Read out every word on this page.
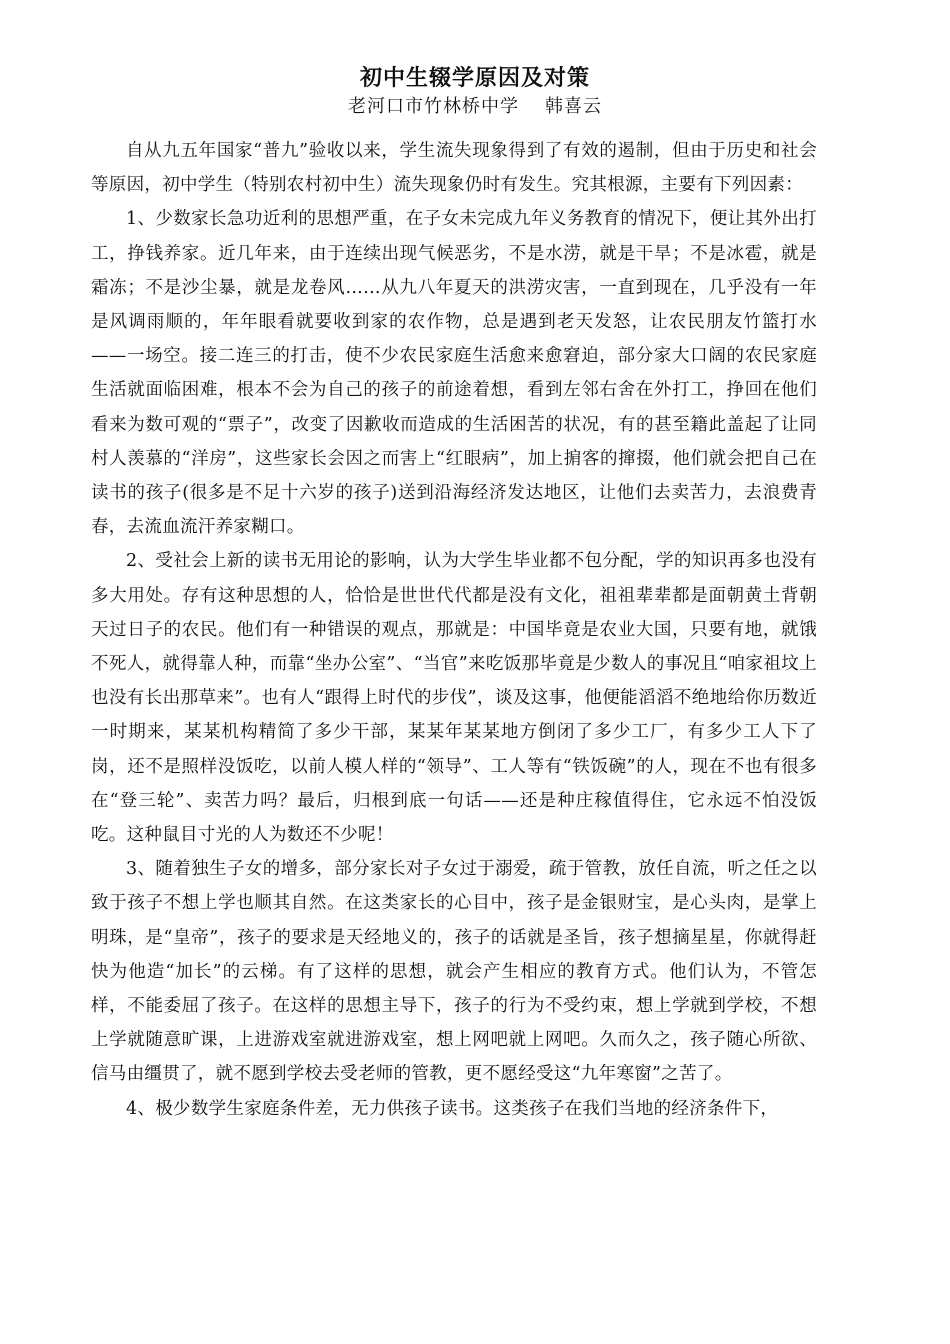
初中生辍学原因及对策
老河口市竹林桥中学 韩喜云

自从九五年国家“普九”验收以来，学生流失现象得到了有效的遏制，但由于历史和社会等原因，初中学生（特别农村初中生）流失现象仍时有发生。究其根源，主要有下列因素：

1、少数家长急功近利的思想严重，在子女未完成九年义务教育的情况下，便让其外出打工，挣钱养家。近几年来，由于连续出现气候恶劣，不是水涝，就是干旱；不是冰雹，就是霜冻；不是沙尘暴，就是龙卷风……从九八年夏天的洪涝灾害，一直到现在，几乎没有一年是风调雨顺的，年年眼看就要收到家的农作物，总是遇到老天发怒，让农民朋友竹篮打水——一场空。接二连三的打击，使不少农民家庭生活愈来愈窘迫，部分家大口阔的农民家庭生活就面临困难，根本不会为自己的孩子的前途着想，看到左邻右舍在外打工，挣回在他们看来为数可观的“票子”，改变了因歉收而造成的生活困苦的状况，有的甚至籍此盖起了让同村人羡慕的“洋房”，这些家长会因之而害上“红眼病”，加上掮客的撺掇，他们就会把自己在读书的孩子(很多是不足十六岁的孩子)送到沿海经济发达地区，让他们去卖苦力，去浪费青春，去流血流汗养家糊口。

2、受社会上新的读书无用论的影响，认为大学生毕业都不包分配，学的知识再多也没有多大用处。存有这种思想的人，恰恰是世世代代都是没有文化，祖祖辈辈都是面朝黄土背朝天过日子的农民。他们有一种错误的观点，那就是：中国毕竟是农业大国，只要有地，就饿不死人，就得靠人种，而靠“坐办公室”、“当官”来吃饭那毕竟是少数人的事况且“咱家祖坟上也没有长出那草来”。也有人“跟得上时代的步伐”，谈及这事，他便能滔滔不绝地给你历数近一时期来，某某机构精简了多少干部，某某年某某地方倒闭了多少工厂，有多少工人下了岗，还不是照样没饭吃，以前人模人样的“领导”、工人等有“铁饭碗”的人，现在不也有很多在“登三轮”、卖苦力吗？最后，归根到底一句话——还是种庄稼值得住，它永远不怕没饭吃。这种鼠目寸光的人为数还不少呢！

3、随着独生子女的增多，部分家长对子女过于溺爱，疏于管教，放任自流，听之任之以致于孩子不想上学也顺其自然。在这类家长的心目中，孩子是金银财宝，是心头肉，是掌上明珠，是“皇帝”，孩子的要求是天经地义的，孩子的话就是圣旨，孩子想摘星星，你就得赶快为他造“加长”的云梯。有了这样的思想，就会产生相应的教育方式。他们认为，不管怎样，不能委屈了孩子。在这样的思想主导下，孩子的行为不受约束，想上学就到学校，不想上学就随意旷课，上进游戏室就进游戏室，想上网吧就上网吧。久而久之，孩子随心所欲、信马由缰贯了，就不愿到学校去受老师的管教，更不愿经受这“九年寒窗”之苦了。

4、极少数学生家庭条件差，无力供孩子读书。这类孩子在我们当地的经济条件下，
